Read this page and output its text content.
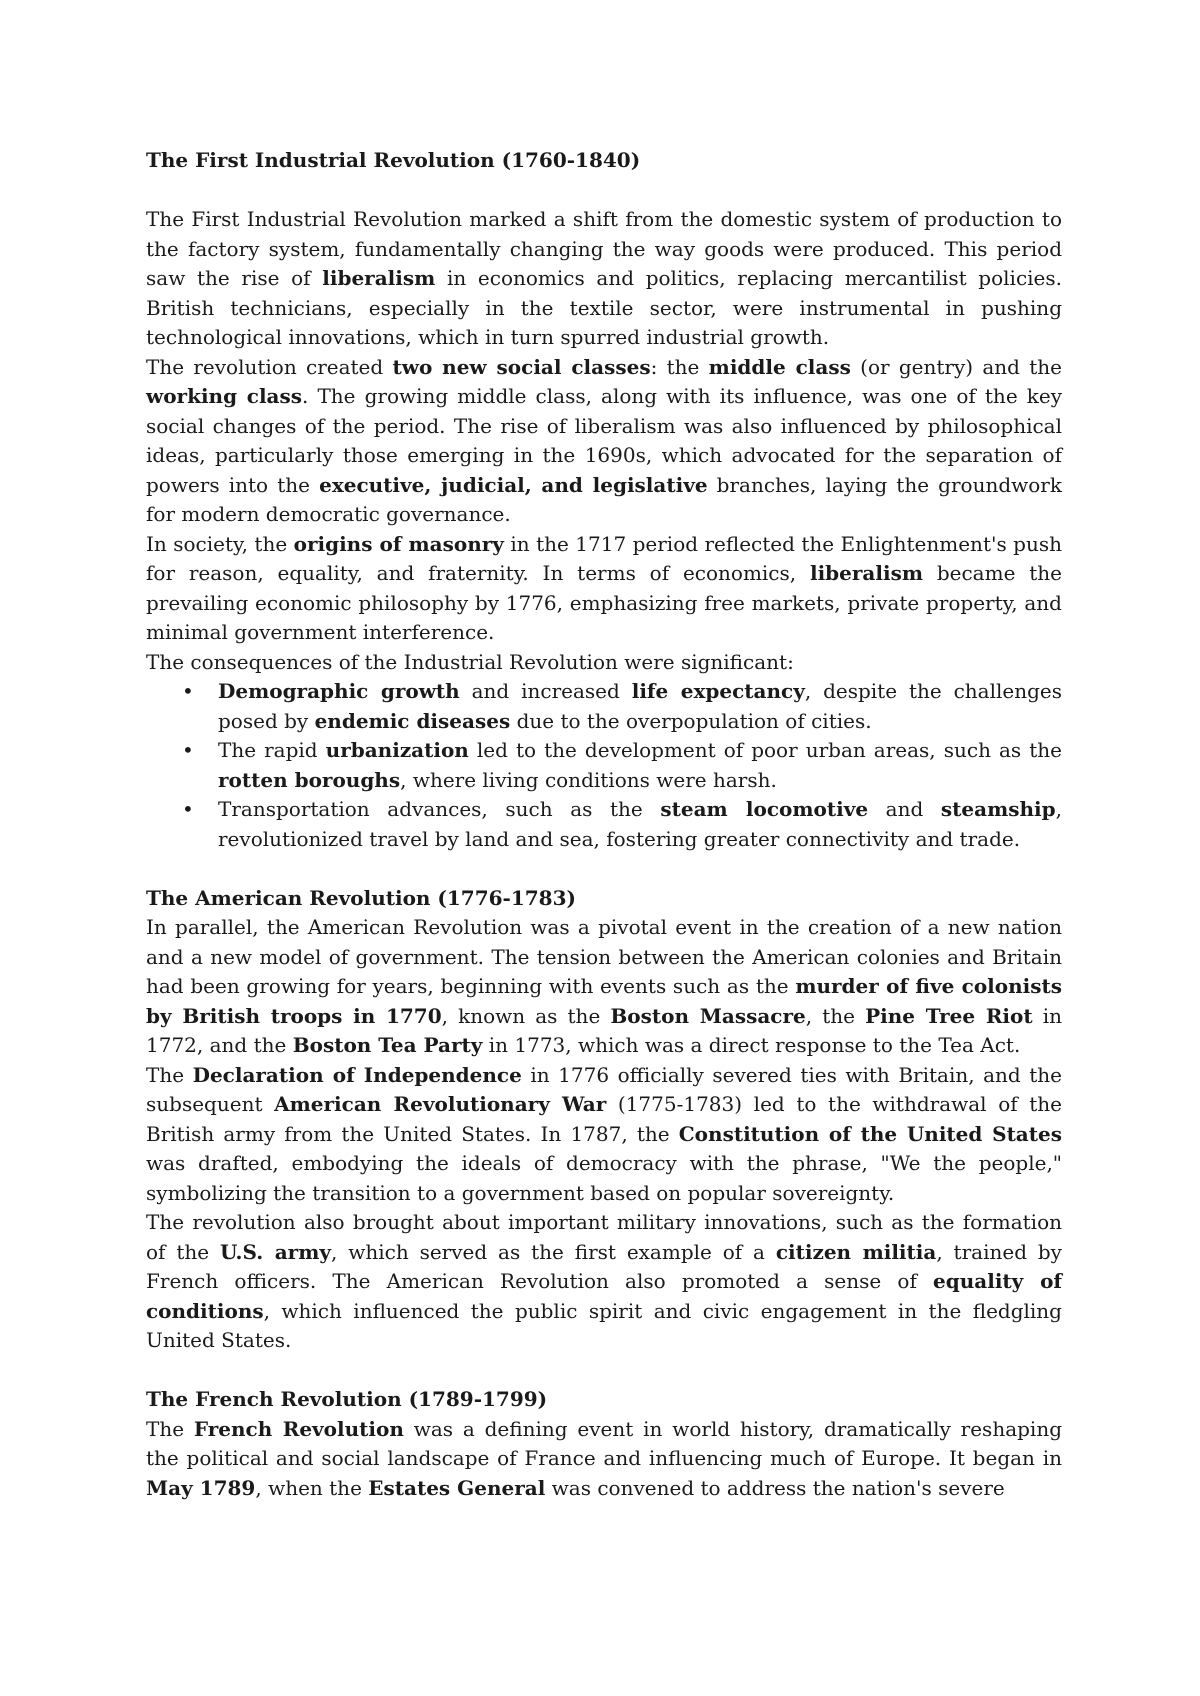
The First Industrial Revolution (1760-1840)

The First Industrial Revolution marked a shift from the domestic system of production to the factory system, fundamentally changing the way goods were produced. This period saw the rise of liberalism in economics and politics, replacing mercantilist policies. British technicians, especially in the textile sector, were instrumental in pushing technological innovations, which in turn spurred industrial growth.

The revolution created two new social classes: the middle class (or gentry) and the working class. The growing middle class, along with its influence, was one of the key social changes of the period. The rise of liberalism was also influenced by philosophical ideas, particularly those emerging in the 1690s, which advocated for the separation of powers into the executive, judicial, and legislative branches, laying the groundwork for modern democratic governance.

In society, the origins of masonry in the 1717 period reflected the Enlightenment's push for reason, equality, and fraternity. In terms of economics, liberalism became the prevailing economic philosophy by 1776, emphasizing free markets, private property, and minimal government interference.

The consequences of the Industrial Revolution were significant:

• Demographic growth and increased life expectancy, despite the challenges posed by endemic diseases due to the overpopulation of cities.
• The rapid urbanization led to the development of poor urban areas, such as the rotten boroughs, where living conditions were harsh.
• Transportation advances, such as the steam locomotive and steamship, revolutionized travel by land and sea, fostering greater connectivity and trade.
The American Revolution (1776-1783)

In parallel, the American Revolution was a pivotal event in the creation of a new nation and a new model of government. The tension between the American colonies and Britain had been growing for years, beginning with events such as the murder of five colonists by British troops in 1770, known as the Boston Massacre, the Pine Tree Riot in 1772, and the Boston Tea Party in 1773, which was a direct response to the Tea Act.

The Declaration of Independence in 1776 officially severed ties with Britain, and the subsequent American Revolutionary War (1775-1783) led to the withdrawal of the British army from the United States. In 1787, the Constitution of the United States was drafted, embodying the ideals of democracy with the phrase, "We the people," symbolizing the transition to a government based on popular sovereignty.

The revolution also brought about important military innovations, such as the formation of the U.S. army, which served as the first example of a citizen militia, trained by French officers. The American Revolution also promoted a sense of equality of conditions, which influenced the public spirit and civic engagement in the fledgling United States.

The French Revolution (1789-1799)

The French Revolution was a defining event in world history, dramatically reshaping the political and social landscape of France and influencing much of Europe. It began in May 1789, when the Estates General was convened to address the nation's severe
